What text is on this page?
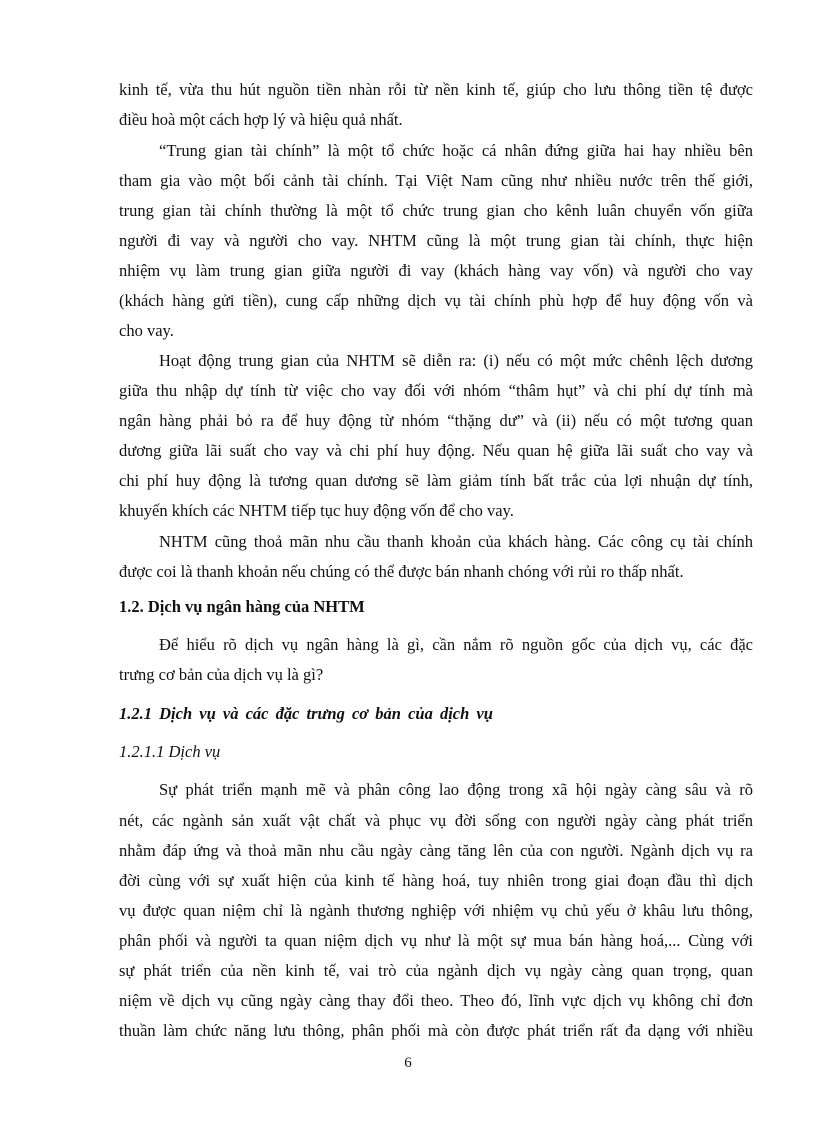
kinh tế, vừa thu hút nguồn tiền nhàn rỗi từ nền kinh tế, giúp cho lưu thông tiền tệ được
điều hoà một cách hợp lý và hiệu quả nhất.
“Trung gian tài chính” là một tổ chức hoặc cá nhân đứng giữa hai hay nhiều bên
tham gia vào một bối cảnh tài chính. Tại Việt Nam cũng như nhiều nước trên thế giới,
trung gian tài chính thường là một tổ chức trung gian cho kênh luân chuyển vốn giữa
người đi vay và người cho vay. NHTM cũng là một trung gian tài chính, thực hiện
nhiệm vụ làm trung gian giữa người đi vay (khách hàng vay vốn) và người cho vay
(khách hàng gửi tiền), cung cấp những dịch vụ tài chính phù hợp để huy động vốn và
cho vay.
Hoạt động trung gian của NHTM sẽ diễn ra: (i) nếu có một mức chênh lệch dương
giữa thu nhập dự tính từ việc cho vay đối với nhóm “thâm hụt” và chi phí dự tính mà
ngân hàng phải bỏ ra để huy động từ nhóm “thặng dư” và (ii) nếu có một tương quan
dương giữa lãi suất cho vay và chi phí huy động. Nếu quan hệ giữa lãi suất cho vay và
chi phí huy động là tương quan dương sẽ làm giảm tính bất trắc của lợi nhuận dự tính,
khuyến khích các NHTM tiếp tục huy động vốn để cho vay.
NHTM cũng thoả mãn nhu cầu thanh khoản của khách hàng. Các công cụ tài chính
được coi là thanh khoản nếu chúng có thể được bán nhanh chóng với rủi ro thấp nhất.
1.2. Dịch vụ ngân hàng của NHTM
Để hiểu rõ dịch vụ ngân hàng là gì, cần nắm rõ nguồn gốc của dịch vụ, các đặc
trưng cơ bản của dịch vụ là gì?
1.2.1 Dịch vụ và các đặc trưng cơ bản của dịch vụ
1.2.1.1 Dịch vụ
Sự phát triển mạnh mẽ và phân công lao động trong xã hội ngày càng sâu và rõ
nét, các ngành sản xuất vật chất và phục vụ đời sống con người ngày càng phát triển
nhằm đáp ứng và thoả mãn nhu cầu ngày càng tăng lên của con người. Ngành dịch vụ ra
đời cùng với sự xuất hiện của kinh tế hàng hoá, tuy nhiên trong giai đoạn đầu thì dịch
vụ được quan niệm chỉ là ngành thương nghiệp với nhiệm vụ chủ yếu ở khâu lưu thông,
phân phối và người ta quan niệm dịch vụ như là một sự mua bán hàng hoá,... Cùng với
sự phát triển của nền kinh tế, vai trò của ngành dịch vụ ngày càng quan trọng, quan
niệm về dịch vụ cũng ngày càng thay đổi theo. Theo đó, lĩnh vực dịch vụ không chỉ đơn
thuần làm chức năng lưu thông, phân phối mà còn được phát triển rất đa dạng với nhiều
6
